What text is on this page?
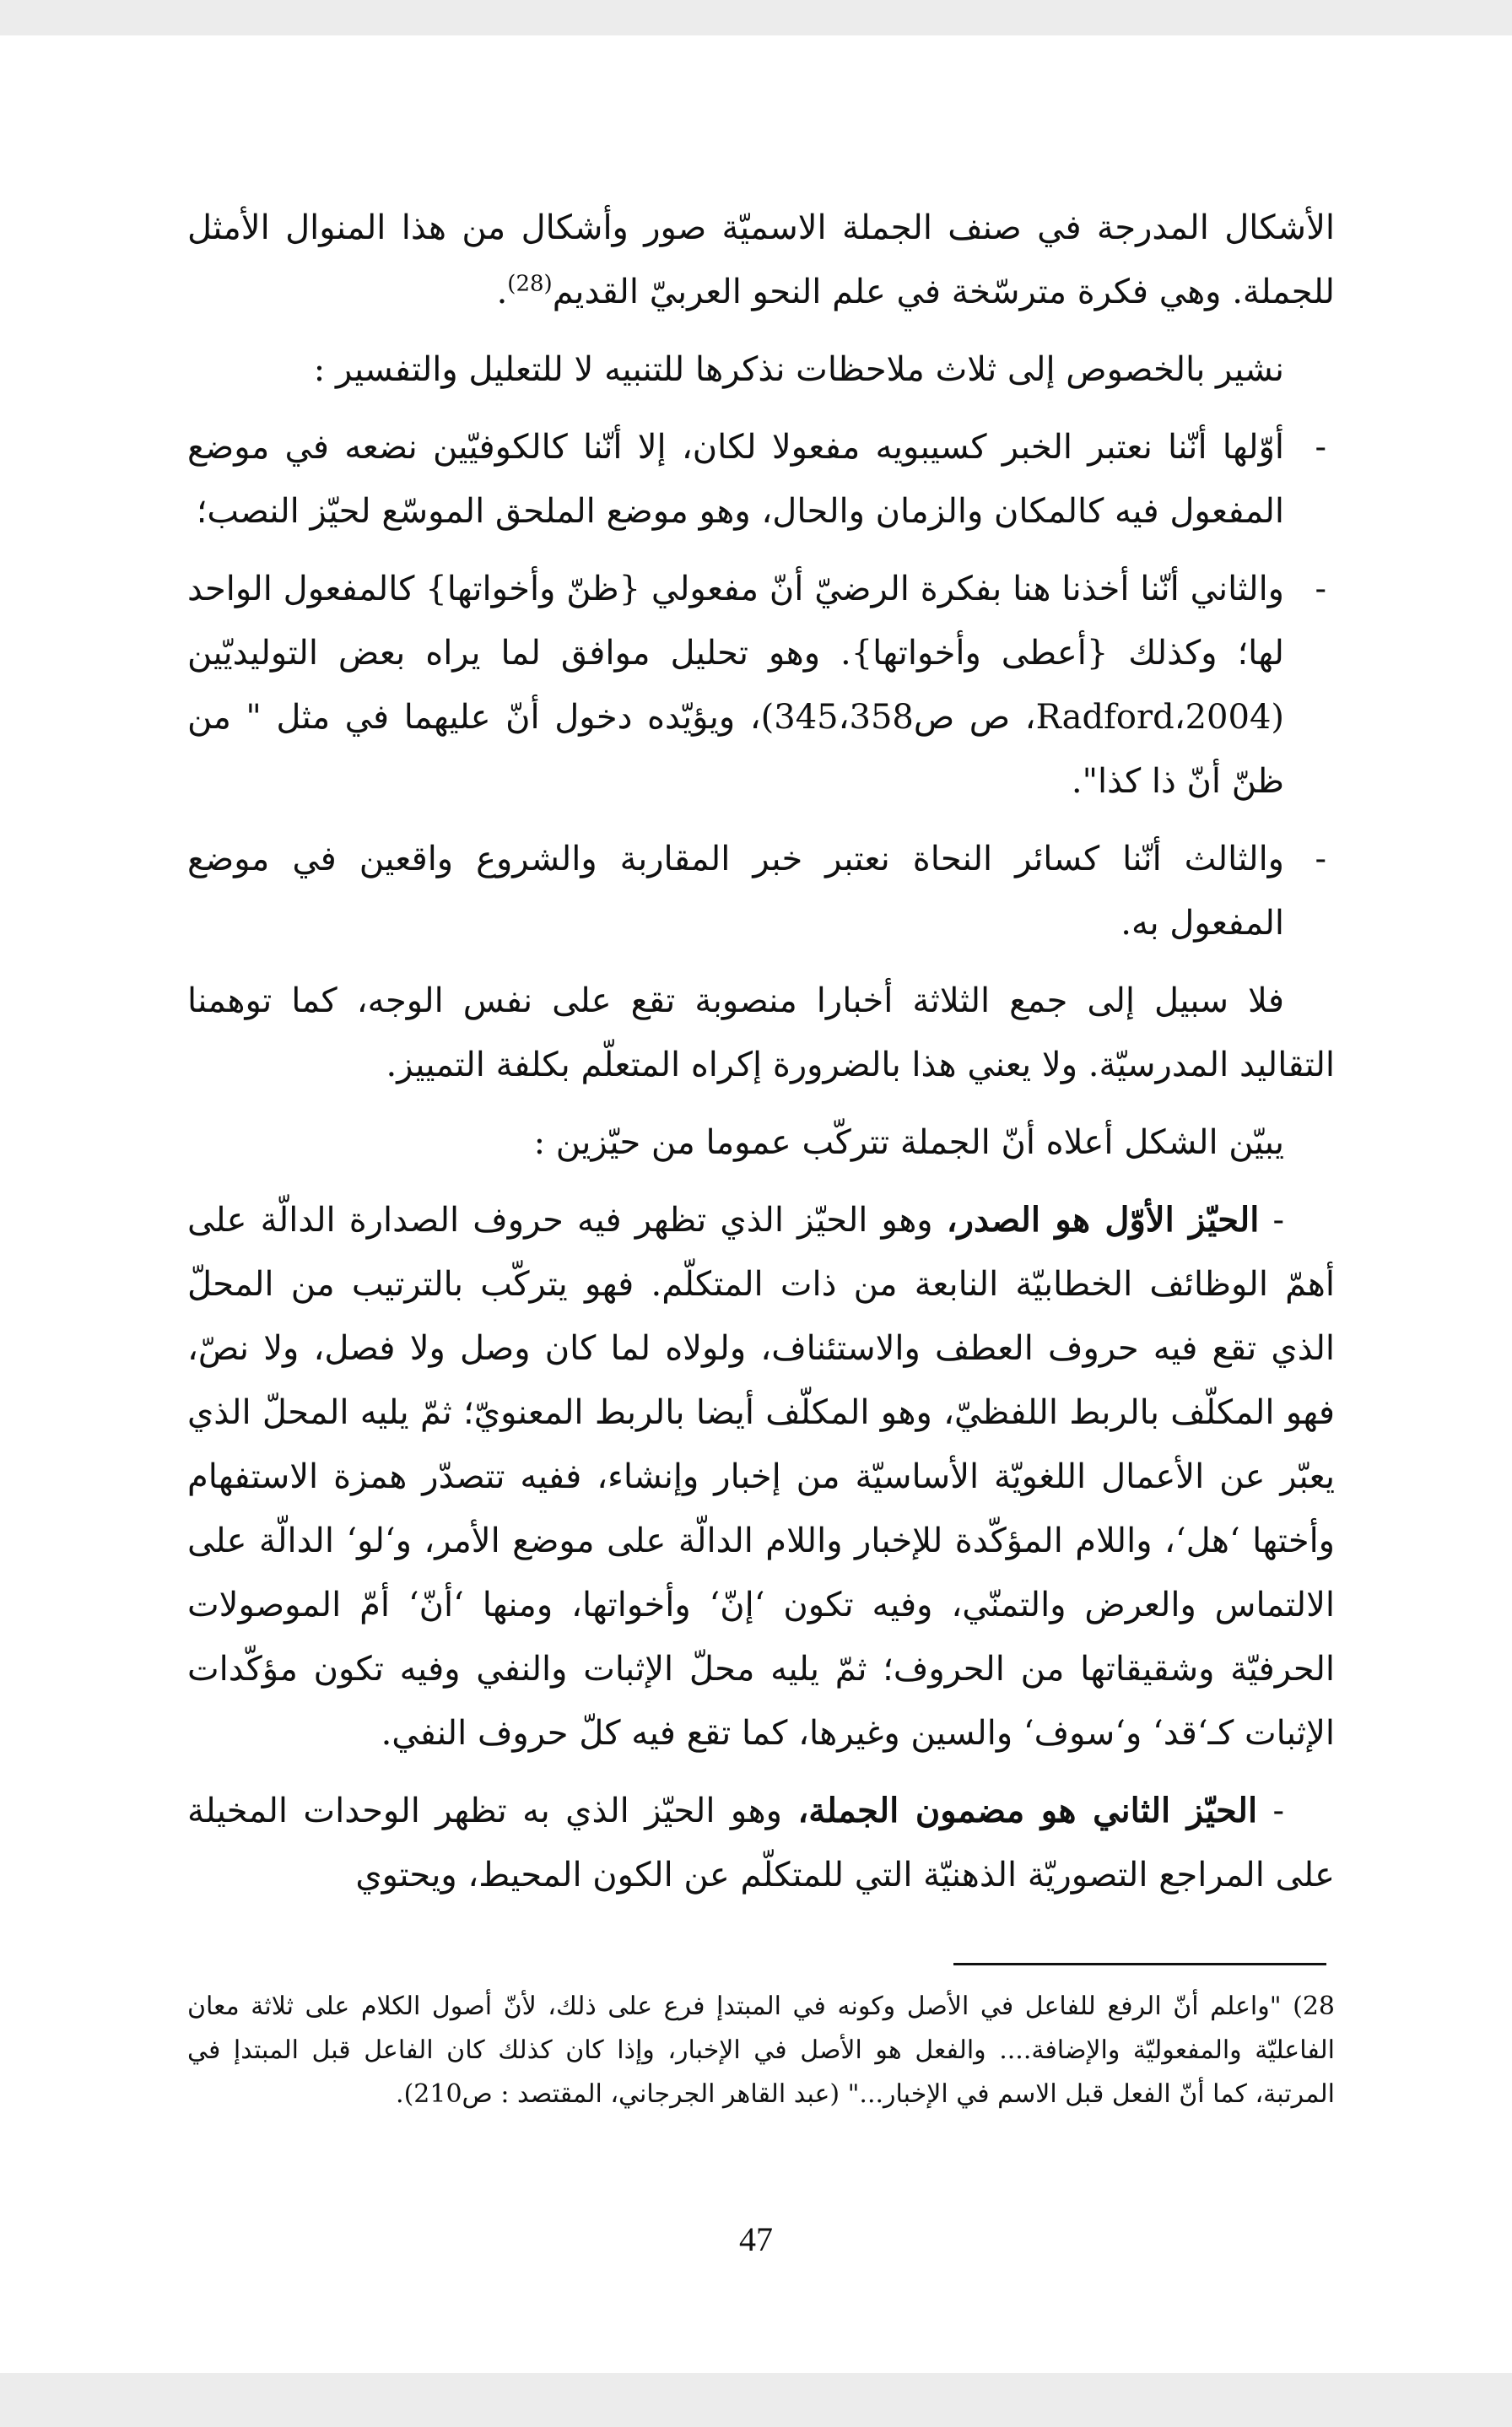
الأشكال المدرجة في صنف الجملة الاسميّة صور وأشكال من هذا المنوال الأمثل للجملة. وهي فكرة مترسّخة في علم النحو العربيّ القديم$^{(28)}$.

نشير بالخصوص إلى ثلاث ملاحظات نذكرها للتنبيه لا للتعليل والتفسير :

-
أوّلها أنّنا نعتبر الخبر كسيبويه مفعولا لكان، إلا أنّنا كالكوفيّين نضعه في موضع المفعول فيه كالمكان والزمان والحال، وهو موضع الملحق الموسّع لحيّز النصب؛

-
والثاني أنّنا أخذنا هنا بفكرة الرضيّ أنّ مفعولي {ظنّ وأخواتها} كالمفعول الواحد لها؛ وكذلك {أعطى وأخواتها}. وهو تحليل موافق لما يراه بعض التوليديّين (Radford،2004، ص ص345،358)، ويؤيّده دخول أنّ عليهما في مثل " من ظنّ أنّ ذا كذا".

-
والثالث أنّنا كسائر النحاة نعتبر خبر المقاربة والشروع واقعين في موضع المفعول به.

فلا سبيل إلى جمع الثلاثة أخبارا منصوبة تقع على نفس الوجه، كما توهمنا التقاليد المدرسيّة. ولا يعني هذا بالضرورة إكراه المتعلّم بكلفة التمييز.

يبيّن الشكل أعلاه أنّ الجملة تتركّب عموما من حيّزين :

- الحيّز الأوّل هو الصدر، وهو الحيّز الذي تظهر فيه حروف الصدارة الدالّة على أهمّ الوظائف الخطابيّة النابعة من ذات المتكلّم. فهو يتركّب بالترتيب من المحلّ الذي تقع فيه حروف العطف والاستئناف، ولولاه لما كان وصل ولا فصل، ولا نصّ، فهو المكلّف بالربط اللفظيّ، وهو المكلّف أيضا بالربط المعنويّ؛ ثمّ يليه المحلّ الذي يعبّر عن الأعمال اللغويّة الأساسيّة من إخبار وإنشاء، ففيه تتصدّر همزة الاستفهام وأختها ‘هل‘، واللام المؤكّدة للإخبار واللام الدالّة على موضع الأمر، و‘لو‘ الدالّة على الالتماس والعرض والتمنّي، وفيه تكون ‘إنّ‘ وأخواتها، ومنها ‘أنّ‘ أمّ الموصولات الحرفيّة وشقيقاتها من الحروف؛ ثمّ يليه محلّ الإثبات والنفي وفيه تكون مؤكّدات الإثبات كـ‘قد‘ و‘سوف‘ والسين وغيرها، كما تقع فيه كلّ حروف النفي.

- الحيّز الثاني هو مضمون الجملة، وهو الحيّز الذي به تظهر الوحدات المخيلة على المراجع التصوريّة الذهنيّة التي للمتكلّم عن الكون المحيط، ويحتوي

28) "واعلم أنّ الرفع للفاعل في الأصل وكونه في المبتدإ فرع على ذلك، لأنّ أصول الكلام على ثلاثة معان الفاعليّة والمفعوليّة والإضافة.... والفعل هو الأصل في الإخبار، وإذا كان كذلك كان الفاعل قبل المبتدإ في المرتبة، كما أنّ الفعل قبل الاسم في الإخبار..." (عبد القاهر الجرجاني، المقتصد : ص210).
47
